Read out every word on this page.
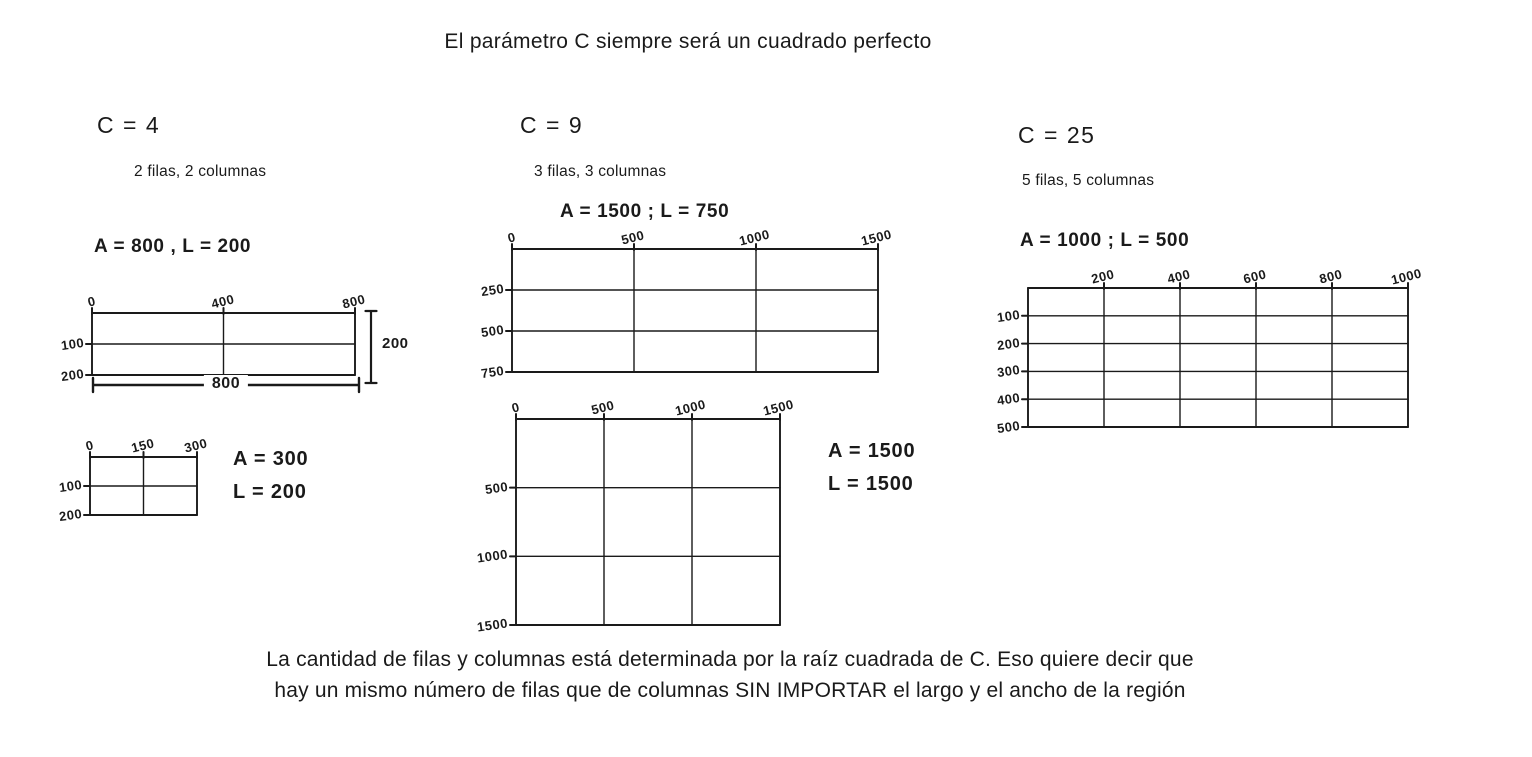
El parámetro C siempre será un cuadrado perfecto
C = 4
2 filas, 2 columnas
A = 800 , L = 200
0	400	800
100
200
200
800
0	150 300
100
200
A = 300
L = 200
C = 9
3 filas, 3 columnas
A = 1500 ; L = 750
0	500	1000	1500
250
500
750
0	500	1000	1500
500
1000
1500
A = 1500
L = 1500
C = 25
5 filas, 5 columnas
A = 1000 ; L = 500
200	400	600	800	1000
100
200
300
400
500
La cantidad de filas y columnas está determinada por la raíz cuadrada de C. Eso quiere decir que
hay un mismo número de filas que de columnas SIN IMPORTAR el largo y el ancho de la región
